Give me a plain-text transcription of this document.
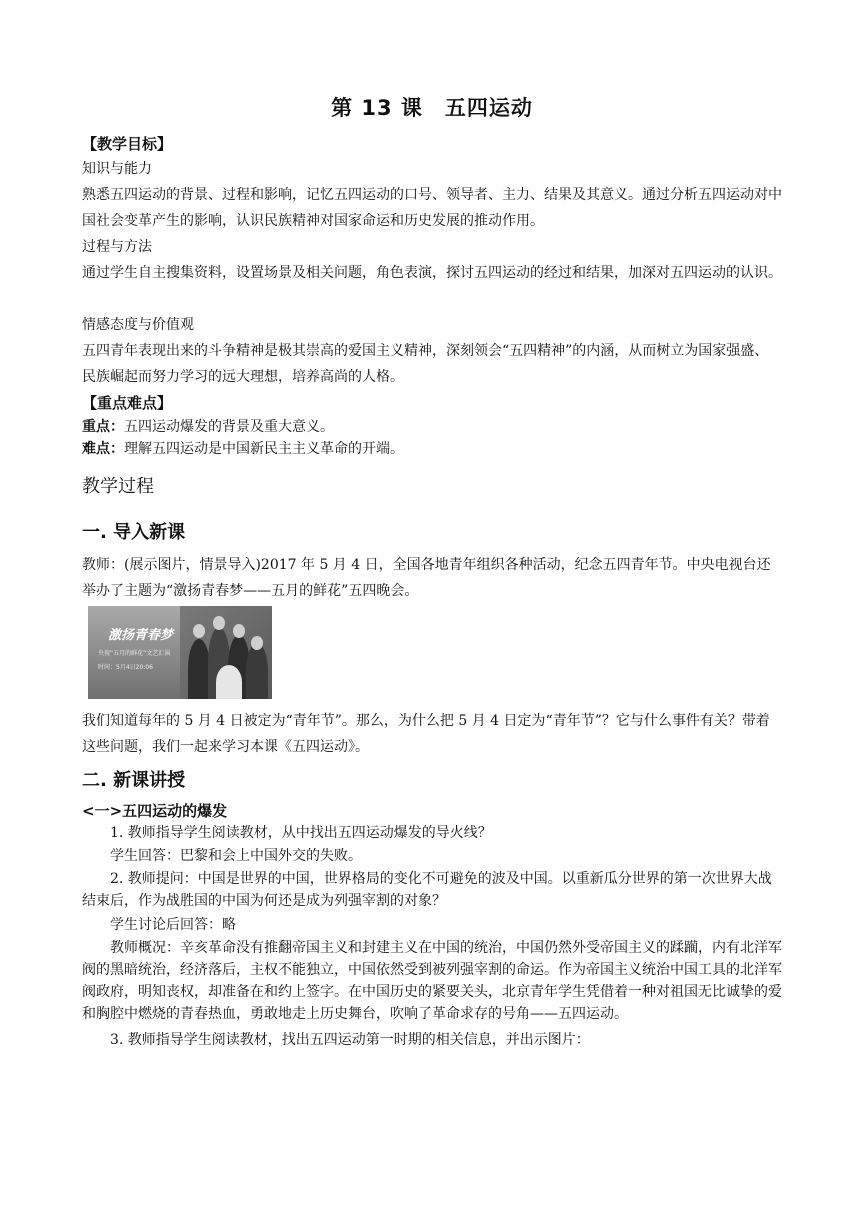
第 13 课　五四运动
【教学目标】
知识与能力
熟悉五四运动的背景、过程和影响，记忆五四运动的口号、领导者、主力、结果及其意义。通过分析五四运动对中国社会变革产生的影响，认识民族精神对国家命运和历史发展的推动作用。
过程与方法
通过学生自主搜集资料，设置场景及相关问题，角色表演，探讨五四运动的经过和结果，加深对五四运动的认识。
情感态度与价值观
五四青年表现出来的斗争精神是极其崇高的爱国主义精神，深刻领会“五四精神”的内涵，从而树立为国家强盛、民族崛起而努力学习的远大理想，培养高尚的人格。
【重点难点】
重点：五四运动爆发的背景及重大意义。
难点：理解五四运动是中国新民主主义革命的开端。
教学过程
一. 导入新课
教师：(展示图片，情景导入)2017 年 5 月 4 日，全国各地青年组织各种活动，纪念五四青年节。中央电视台还举办了主题为“激扬青春梦——五月的鲜花”五四晚会。
激扬青春梦
央视“五月的鲜花”文艺汇演
时间：5月4日20:06
我们知道每年的 5 月 4 日被定为“青年节”。那么，为什么把 5 月 4 日定为“青年节”？它与什么事件有关？带着这些问题，我们一起来学习本课《五四运动》。
二. 新课讲授
<一>五四运动的爆发
1. 教师指导学生阅读教材，从中找出五四运动爆发的导火线？
学生回答：巴黎和会上中国外交的失败。
2. 教师提问：中国是世界的中国，世界格局的变化不可避免的波及中国。以重新瓜分世界的第一次世界大战结束后，作为战胜国的中国为何还是成为列强宰割的对象？
学生讨论后回答：略
教师概况：辛亥革命没有推翻帝国主义和封建主义在中国的统治，中国仍然外受帝国主义的蹂躏，内有北洋军阀的黑暗统治，经济落后，主权不能独立，中国依然受到被列强宰割的命运。作为帝国主义统治中国工具的北洋军阀政府，明知丧权，却准备在和约上签字。在中国历史的紧要关头，北京青年学生凭借着一种对祖国无比诚挚的爱和胸腔中燃烧的青春热血，勇敢地走上历史舞台，吹响了革命求存的号角——五四运动。
3. 教师指导学生阅读教材，找出五四运动第一时期的相关信息，并出示图片：
